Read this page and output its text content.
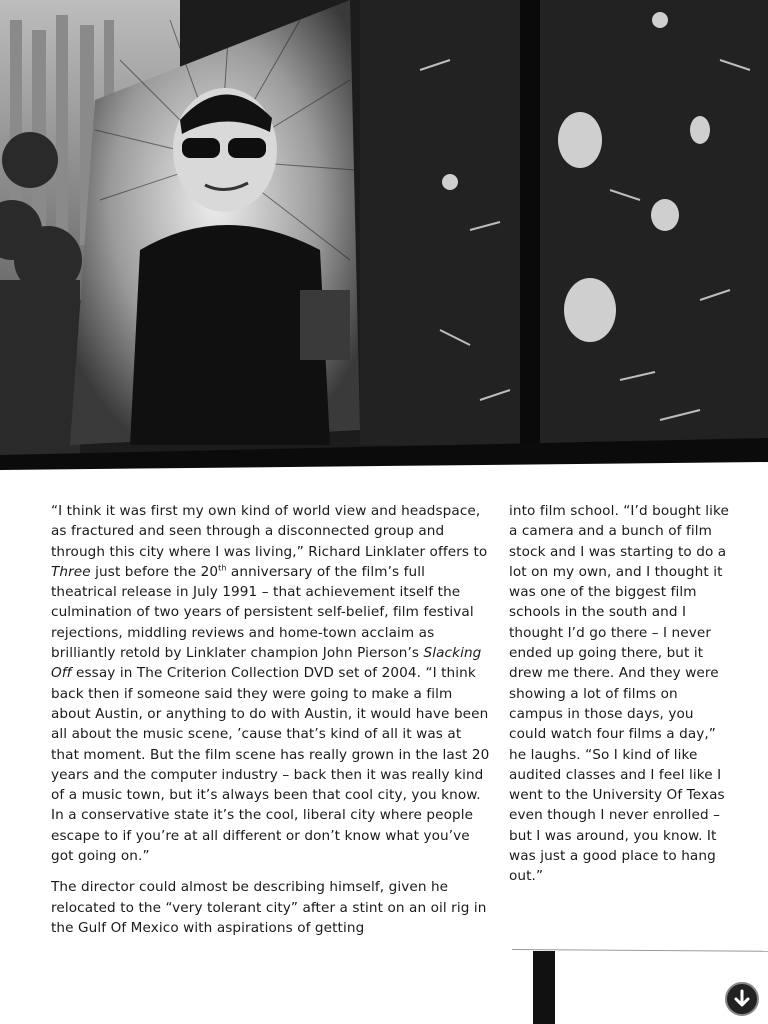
“I think it was first my own kind of world view and headspace, as fractured and seen through a disconnected group and through this city where I was living,” Richard Linklater offers to Three just before the 20th anniversary of the film’s full theatrical release in July 1991 – that achievement itself the culmination of two years of persistent self-belief, film festival rejections, middling reviews and home-town acclaim as brilliantly retold by Linklater champion John Pierson’s Slacking Off essay in The Criterion Collection DVD set of 2004. “I think back then if someone said they were going to make a film about Austin, or anything to do with Austin, it would have been all about the music scene, ’cause that’s kind of all it was at that moment. But the film scene has really grown in the last 20 years and the computer industry – back then it was really kind of a music town, but it’s always been that cool city, you know. In a conservative state it’s the cool, liberal city where people escape to if you’re at all different or don’t know what you’ve got going on.”

The director could almost be describing himself, given he relocated to the “very tolerant city” after a stint on an oil rig in the Gulf Of Mexico with aspirations of getting

into film school. “I’d bought like a camera and a bunch of film stock and I was starting to do a lot on my own, and I thought it was one of the biggest film schools in the south and I thought I’d go there – I never ended up going there, but it drew me there. And they were showing a lot of films on campus in those days, you could watch four films a day,” he laughs. “So I kind of like audited classes and I feel like I went to the University Of Texas even though I never enrolled – but I was around, you know. It was just a good place to hang out.”
